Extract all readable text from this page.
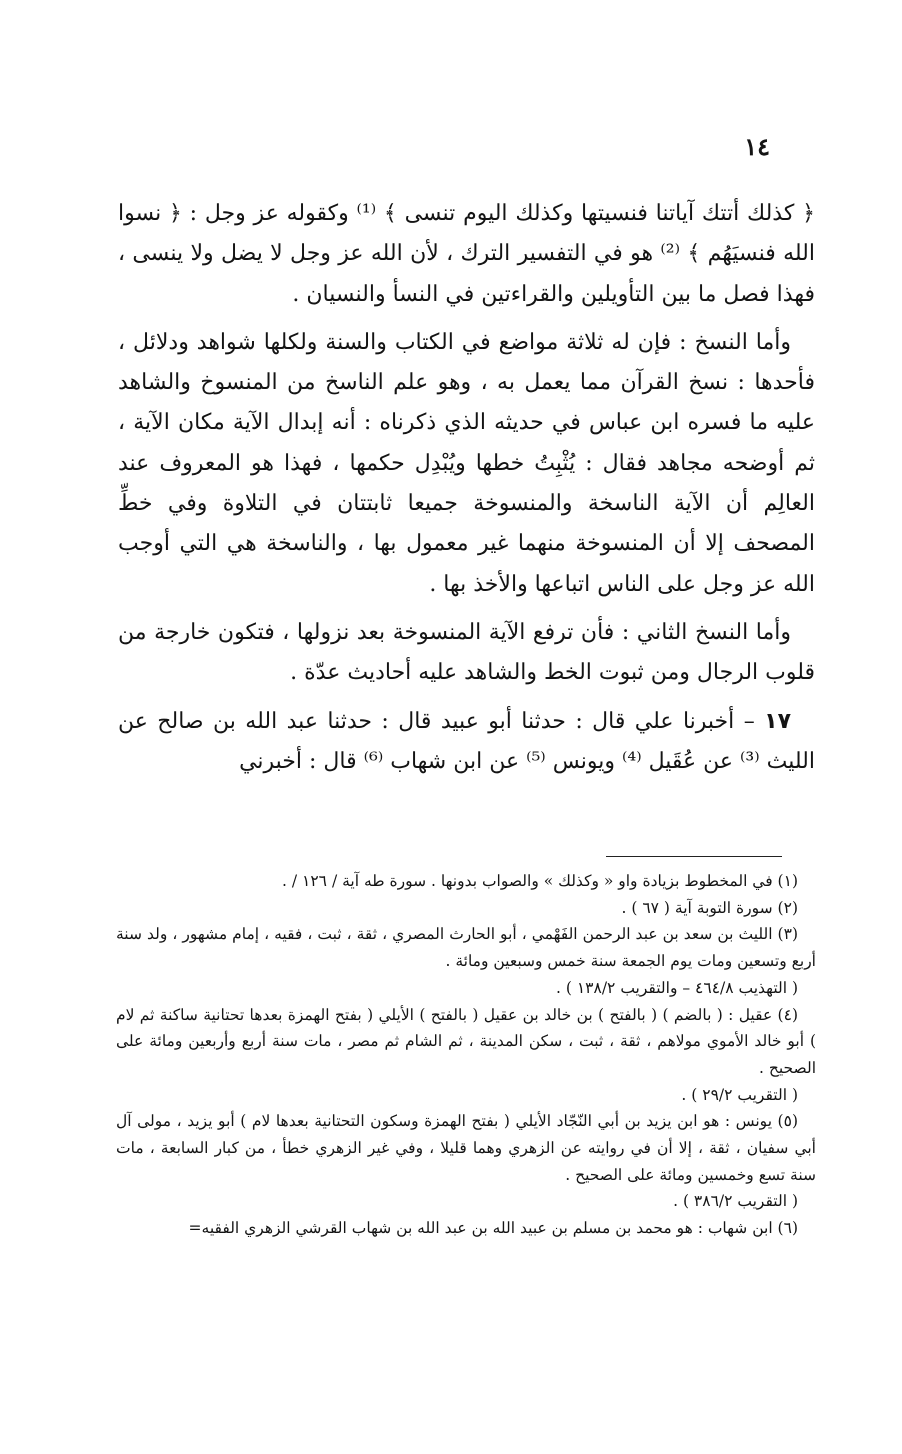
١٤

﴿ كذلك أتتك آياتنا فنسيتها وكذلك اليوم تنسى ﴾ ⁽¹⁾ وكقوله عز وجل : ﴿ نسوا الله فنسيَهُم ﴾ ⁽²⁾ هو في التفسير الترك ، لأن الله عز وجل لا يضل ولا ينسى ، فهذا فصل ما بين التأويلين والقراءتين في النسأ والنسيان .

وأما النسخ : فإن له ثلاثة مواضع في الكتاب والسنة ولكلها شواهد ودلائل ، فأحدها : نسخ القرآن مما يعمل به ، وهو علم الناسخ من المنسوخ والشاهد عليه ما فسره ابن عباس في حديثه الذي ذكرناه : أنه إبدال الآية مكان الآية ، ثم أوضحه مجاهد فقال : يُثْبِتُ خطها ويُبْدِل حكمها ، فهذا هو المعروف عند العالِم أن الآية الناسخة والمنسوخة جميعا ثابتتان في التلاوة وفي خطِّ المصحف إلا أن المنسوخة منهما غير معمول بها ، والناسخة هي التي أوجب الله عز وجل على الناس اتباعها والأخذ بها .

وأما النسخ الثاني : فأن ترفع الآية المنسوخة بعد نزولها ، فتكون خارجة من قلوب الرجال ومن ثبوت الخط والشاهد عليه أحاديث عدّة .

١٧ – أخبرنا علي قال : حدثنا أبو عبيد قال : حدثنا عبد الله بن صالح عن الليث ⁽³⁾ عن عُقَيل ⁽⁴⁾ ويونس ⁽⁵⁾ عن ابن شهاب ⁽⁶⁾ قال : أخبرني

(١) في المخطوط بزيادة واو « وكذلك » والصواب بدونها . سورة طه آية / ١٢٦ / .

(٢) سورة التوبة آية ( ٦٧ ) .

(٣) الليث بن سعد بن عبد الرحمن الفَهْمي ، أبو الحارث المصري ، ثقة ، ثبت ، فقيه ، إمام مشهور ، ولد سنة أربع وتسعين ومات يوم الجمعة سنة خمس وسبعين ومائة .

( التهذيب ٤٦٤/٨ – والتقريب ١٣٨/٢ ) .

(٤) عقيل : ( بالضم ) ( بالفتح ) بن خالد بن عقيل ( بالفتح ) الأيلي ( بفتح الهمزة بعدها تحتانية ساكنة ثم لام ) أبو خالد الأموي مولاهم ، ثقة ، ثبت ، سكن المدينة ، ثم الشام ثم مصر ، مات سنة أربع وأربعين ومائة على الصحيح .

( التقريب ٢٩/٢ ) .

(٥) يونس : هو ابن يزيد بن أبي النّجّاد الأيلي ( بفتح الهمزة وسكون التحتانية بعدها لام ) أبو يزيد ، مولى آل أبي سفيان ، ثقة ، إلا أن في روايته عن الزهري وهما قليلا ، وفي غير الزهري خطأ ، من كبار السابعة ، مات سنة تسع وخمسين ومائة على الصحيح .

( التقريب ٣٨٦/٢ ) .

(٦) ابن شهاب : هو محمد بن مسلم بن عبيد الله بن عبد الله بن شهاب القرشي الزهري الفقيه=
